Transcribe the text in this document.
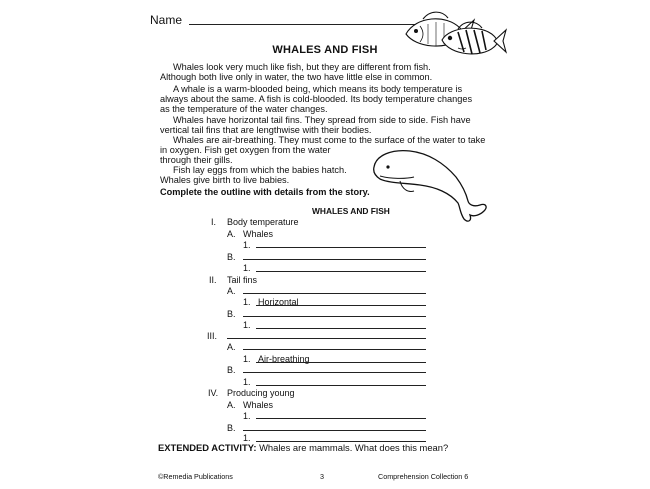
Name
WHALES AND FISH
Whales look very much like fish, but they are different from fish.
Although both live only in water, the two have little else in common.
A whale is a warm-blooded being, which means its body temperature is
always about the same. A fish is cold-blooded. Its body temperature changes
as the temperature of the water changes.
Whales have horizontal tail fins. They spread from side to side. Fish have
vertical tail fins that are lengthwise with their bodies.
Whales are air-breathing. They must come to the surface of the water to take
in oxygen. Fish get oxygen from the water
through their gills.
Fish lay eggs from which the babies hatch.
Whales give birth to live babies.
Complete the outline with details from the story.
WHALES AND FISH
I. Body temperature
A. Whales
1.
B.
1.
II. Tail fins
A.
1. Horizontal
B.
1.
III.
A.
1. Air-breathing
B.
1.
IV. Producing young
A. Whales
1.
B.
1.
EXTENDED ACTIVITY: Whales are mammals. What does this mean?
©Remedia Publications	3	Comprehension Collection 6
